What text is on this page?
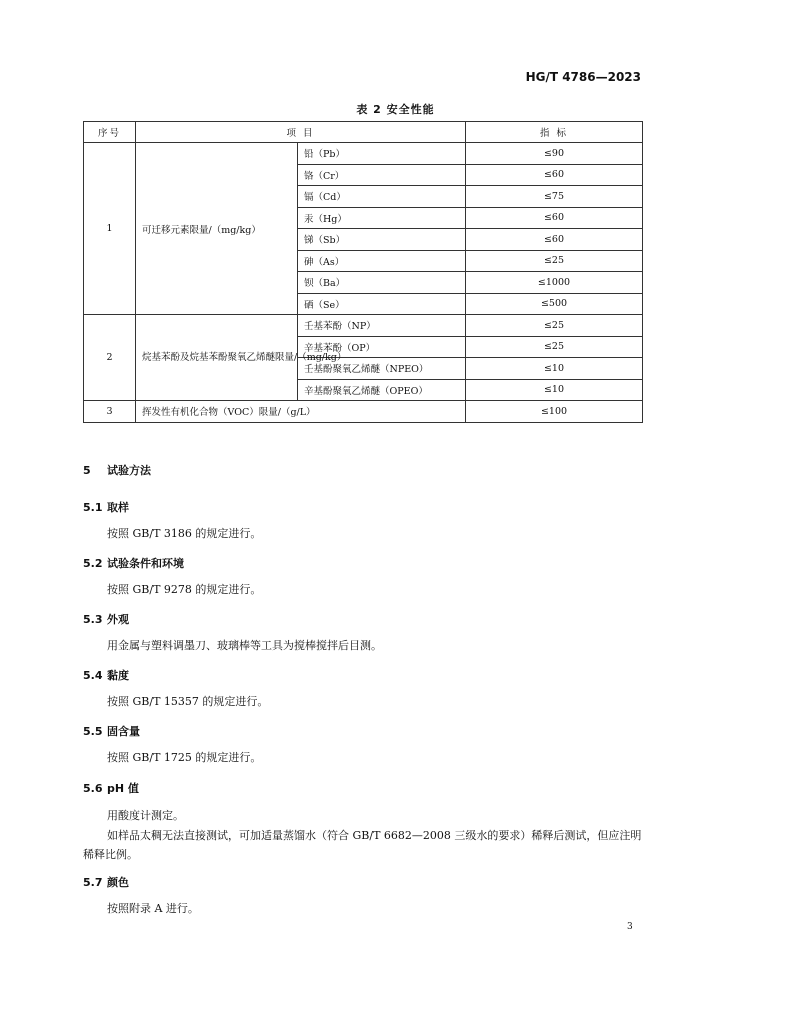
HG/T 4786—2023
表 2 安全性能
序号	项 目		指 标
1	可迁移元素限量/（mg/kg）	铅（Pb）	≤90
		铬（Cr）	≤60
		镉（Cd）	≤75
		汞（Hg）	≤60
		锑（Sb）	≤60
		砷（As）	≤25
		钡（Ba）	≤1000
		硒（Se）	≤500
2	烷基苯酚及烷基苯酚聚氧乙烯醚限量/（mg/kg）	壬基苯酚（NP）	≤25
		辛基苯酚（OP）	≤25
		壬基酚聚氧乙烯醚（NPEO）	≤10
		辛基酚聚氧乙烯醚（OPEO）	≤10
3	挥发性有机化合物（VOC）限量/（g/L）		≤100
5 试验方法
5.1 取样
按照 GB/T 3186 的规定进行。
5.2 试验条件和环境
按照 GB/T 9278 的规定进行。
5.3 外观
用金属与塑料调墨刀、玻璃棒等工具为搅棒搅拌后目测。
5.4 黏度
按照 GB/T 15357 的规定进行。
5.5 固含量
按照 GB/T 1725 的规定进行。
5.6 pH 值
用酸度计测定。
如样品太稠无法直接测试，可加适量蒸馏水（符合 GB/T 6682—2008 三级水的要求）稀释后测试，但应注明稀释比例。
5.7 颜色
按照附录 A 进行。
3
